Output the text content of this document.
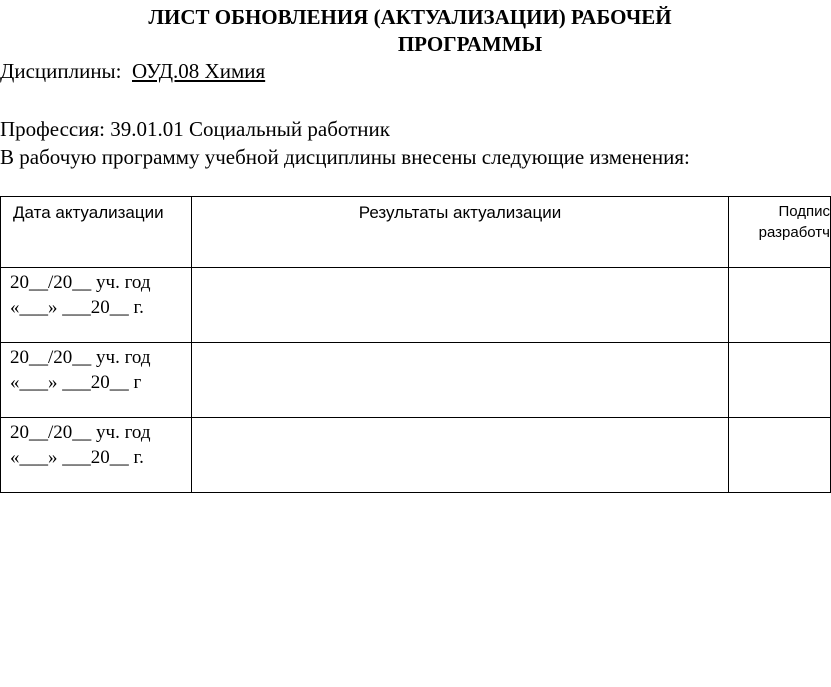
ЛИСТ ОБНОВЛЕНИЯ (АКТУАЛИЗАЦИИ) РАБОЧЕЙ
ПРОГРАММЫ
Дисциплины: ОУД.08 Химия
Профессия: 39.01.01 Социальный работник
В рабочую программу учебной дисциплины внесены следующие изменения:
Дата актуализации	Результаты актуализации	Подпис
разработч

20__/20__ уч. год
«___» ___20__ г.		

20__/20__ уч. год
«___» ___20__ г		

20__/20__ уч. год
«___» ___20__ г.		
